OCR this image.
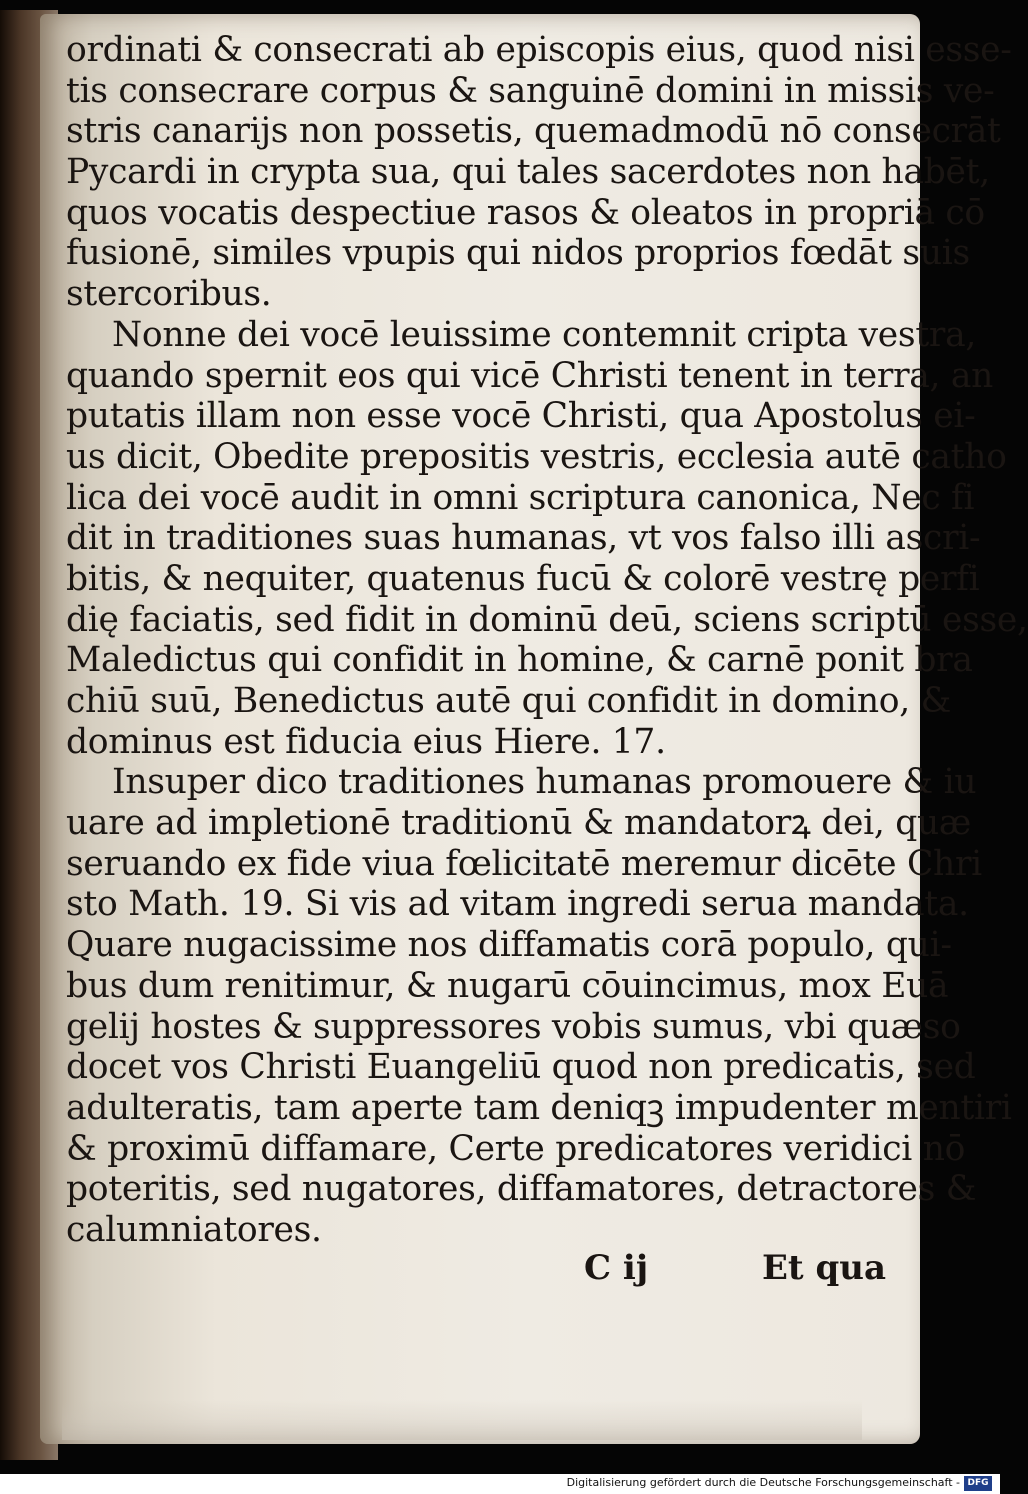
ordinati & consecrati ab episcopis eius, quod nisi esse-
tis consecrare corpus & sanguinē domini in missis ve-
stris canarijs non possetis, quemadmodū nō consecrāt
Pycardi in crypta sua, qui tales sacerdotes non habēt,
quos vocatis despectiue rasos & oleatos in propriā cō
fusionē, similes vpupis qui nidos proprios fœdāt suis
stercoribus.
Nonne dei vocē leuissime contemnit cripta vestra,
quando spernit eos qui vicē Christi tenent in terra, an
putatis illam non esse vocē Christi, qua Apostolus ei-
us dicit, Obedite prepositis vestris, ecclesia autē catho
lica dei vocē audit in omni scriptura canonica, Nec fi
dit in traditiones suas humanas, vt vos falso illi ascri-
bitis, & nequiter, quatenus fucū & colorē vestrę perfi
dię faciatis, sed fidit in dominū deū, sciens scriptū esse,
Maledictus qui confidit in homine, & carnē ponit bra
chiū suū, Benedictus autē qui confidit in domino, &
dominus est fiducia eius Hiere. 17.
Insuper dico traditiones humanas promouere & iu
uare ad impletionē traditionū & mandatorꝝ dei, quæ
seruando ex fide viua fœlicitatē meremur dicēte Chri
sto Math. 19. Si vis ad vitam ingredi serua mandata.
Quare nugacissime nos diffamatis corā populo, qui-
bus dum renitimur, & nugarū cōuincimus, mox Euā
gelij hostes & suppressores vobis sumus, vbi quæso
docet vos Christi Euangeliū quod non predicatis, sed
adulteratis, tam aperte tam deniqꝫ impudenter mentiri
& proximū diffamare, Certe predicatores veridici nō
poteritis, sed nugatores, diffamatores, detractores &
calumniatores.
C ij	Et qua
Digitalisierung gefördert durch die Deutsche Forschungsgemeinschaft - DFG
